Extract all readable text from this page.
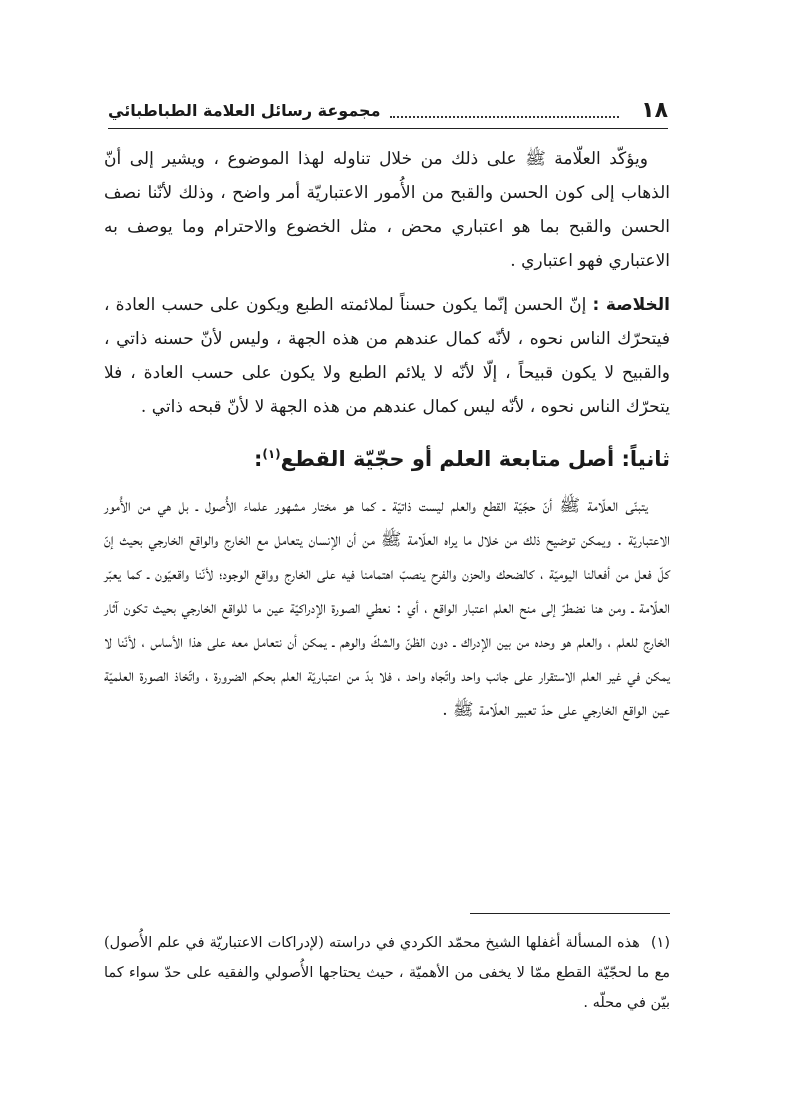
١٨
مجموعة رسائل العلامة الطباطبائي

ويؤكّد العلّامة ﷺ على ذلك من خلال تناوله لهذا الموضوع ، ويشير إلى أنّ الذهاب إلى كون الحسن والقبح من الأُمور الاعتباريّة أمر واضح ، وذلك لأنّنا نصف الحسن والقبح بما هو اعتباري محض ، مثل الخضوع والاحترام وما يوصف به الاعتباري فهو اعتباري .

الخلاصة : إنّ الحسن إنّما يكون حسناً لملائمته الطبع ويكون على حسب العادة ، فيتحرّك الناس نحوه ، لأنّه كمال عندهم من هذه الجهة ، وليس لأنّ حسنه ذاتي ، والقبيح لا يكون قبيحاً ، إلّا لأنّه لا يلائم الطبع ولا يكون على حسب العادة ، فلا يتحرّك الناس نحوه ، لأنّه ليس كمال عندهم من هذه الجهة لا لأنّ قبحه ذاتي .

ثانياً: أصل متابعة العلم أو حجّيّة القطع$^{(١)}$:

يتبنّى العلّامة ﷺ أنّ حجّيّة القطع والعلم ليست ذاتيّة ـ كما هو مختار مشهور علماء الأُصول ـ بل هي من الأُمور الاعتباريّة . ويمكن توضيح ذلك من خلال ما يراه العلّامة ﷺ من أن الإنسان يتعامل مع الخارج والواقع الخارجي بحيث إنّ كلّ فعل من أفعالنا اليوميّة ، كالضحك والحزن والفرح ينصبّ اهتمامنا فيه على الخارج وواقع الوجود؛ لأنّنا واقعيّون ـ كما يعبّر العلّامة ـ ومن هنا نضطرّ إلى منح العلم اعتبار الواقع ، أي : نعطي الصورة الإدراكيّة عين ما للواقع الخارجي بحيث تكون آثار الخارج للعلم ، والعلم هو وحده من بين الإدراك ـ دون الظنّ والشكّ والوهم ـ يمكن أن نتعامل معه على هذا الأساس ، لأنّنا لا يمكن في غير العلم الاستقرار على جانب واحد واتّجاه واحد ، فلا بدّ من اعتباريّة العلم بحكم الضرورة ، واتّخاذ الصورة العلميّة عين الواقع الخارجي على حدّ تعبير العلّامة ﷺ .

(١) هذه المسألة أغفلها الشيخ محمّد الكردي في دراسته (لإدراكات الاعتباريّة في علم الأُصول) مع ما لحجّيّة القطع ممّا لا يخفى من الأهميّة ، حيث يحتاجها الأُصولي والفقيه على حدّ سواء كما بيّن في محلّه .
